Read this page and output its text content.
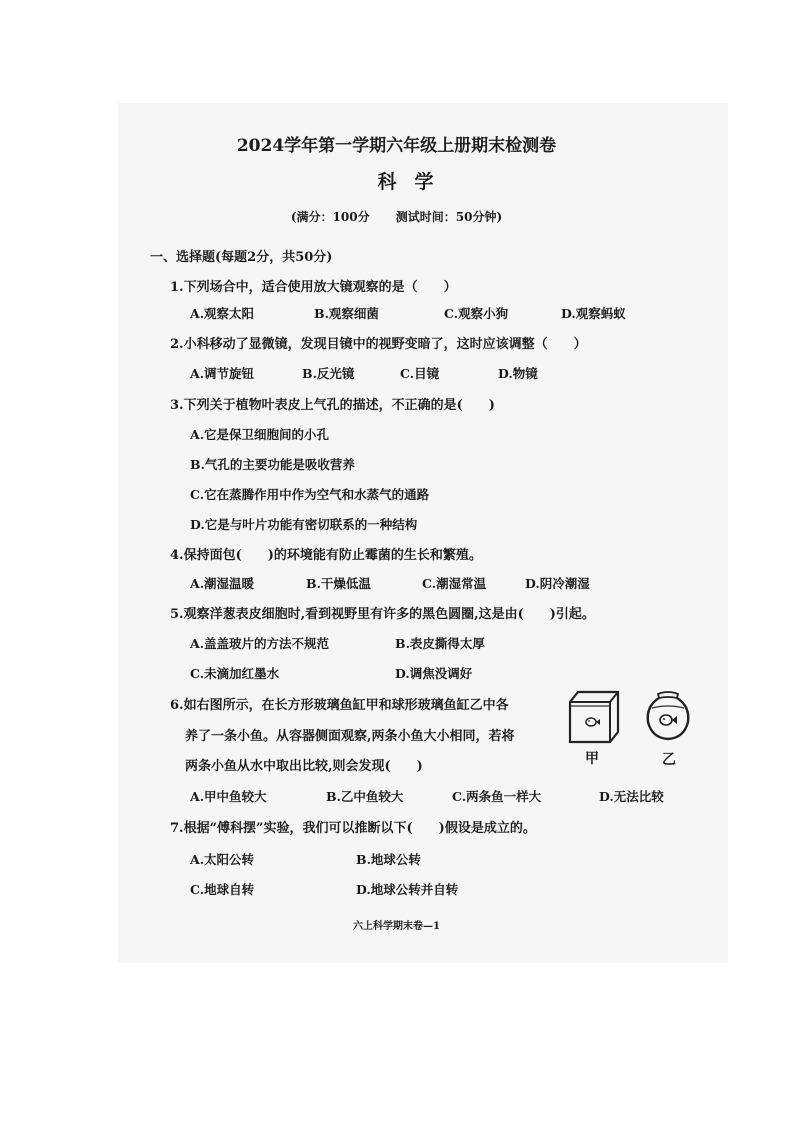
2024学年第一学期六年级上册期末检测卷
科学
(满分：100分 测试时间：50分钟)
一、选择题(每题2分，共50分)
1.下列场合中，适合使用放大镜观察的是（　　）
A.观察太阳	B.观察细菌	C.观察小狗	D.观察蚂蚁
2.小科移动了显微镜，发现目镜中的视野变暗了，这时应该调整（　　）
A.调节旋钮	B.反光镜	C.目镜	D.物镜
3.下列关于植物叶表皮上气孔的描述，不正确的是(　　)
A.它是保卫细胞间的小孔
B.气孔的主要功能是吸收营养
C.它在蒸腾作用中作为空气和水蒸气的通路
D.它是与叶片功能有密切联系的一种结构
4.保持面包(　　)的环境能有防止霉菌的生长和繁殖。
A.潮湿温暖	B.干燥低温	C.潮湿常温	D.阴冷潮湿
5.观察洋葱表皮细胞时,看到视野里有许多的黑色圆圈,这是由(　　)引起。
A.盖盖玻片的方法不规范	B.表皮撕得太厚
C.未滴加红墨水	D.调焦没调好
6.如右图所示，在长方形玻璃鱼缸甲和球形玻璃鱼缸乙中各
养了一条小鱼。从容器侧面观察,两条小鱼大小相同，若将
两条小鱼从水中取出比较,则会发现(　　)	甲	乙
A.甲中鱼较大	B.乙中鱼较大	C.两条鱼一样大	D.无法比较
7.根据“傅科摆”实验，我们可以推断以下(　　)假设是成立的。
A.太阳公转	B.地球公转
C.地球自转	D.地球公转并自转
六上科学期末卷—1
